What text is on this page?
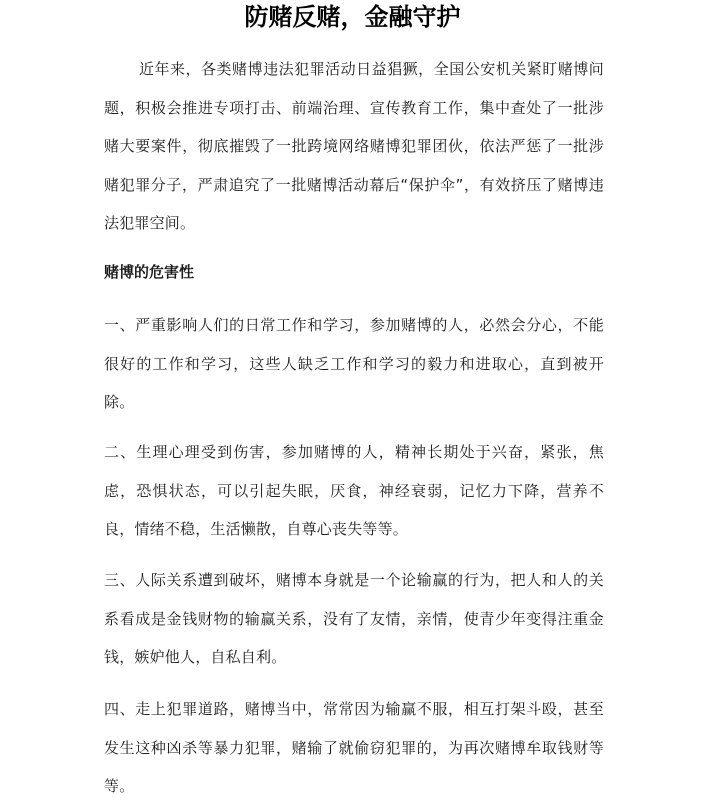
防赌反赌，金融守护

近年来，各类赌博违法犯罪活动日益猖獗，全国公安机关紧盯赌博问题，积极会推进专项打击、前端治理、宣传教育工作，集中查处了一批涉赌大要案件，彻底摧毁了一批跨境网络赌博犯罪团伙，依法严惩了一批涉赌犯罪分子，严肃追究了一批赌博活动幕后“保护伞”，有效挤压了赌博违法犯罪空间。

赌博的危害性

一、严重影响人们的日常工作和学习，参加赌博的人，必然会分心，不能很好的工作和学习，这些人缺乏工作和学习的毅力和进取心，直到被开除。

二、生理心理受到伤害，参加赌博的人，精神长期处于兴奋，紧张，焦虑，恐惧状态，可以引起失眠，厌食，神经衰弱，记忆力下降，营养不良，情绪不稳，生活懒散，自尊心丧失等等。

三、人际关系遭到破坏，赌博本身就是一个论输赢的行为，把人和人的关系看成是金钱财物的输赢关系，没有了友情，亲情，使青少年变得注重金钱，嫉妒他人，自私自利。

四、走上犯罪道路，赌博当中，常常因为输赢不服，相互打架斗殴，甚至发生这种凶杀等暴力犯罪，赌输了就偷窃犯罪的，为再次赌博牟取钱财等等。
